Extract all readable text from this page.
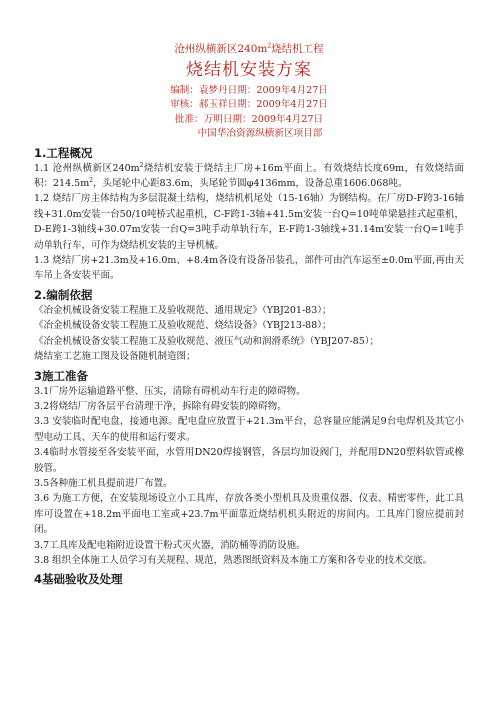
沧州纵横新区$240m^2$烧结机工程
烧结机安装方案
编制：袁梦丹日期：2009年4月27日
审核：郝玉祥日期：2009年4月27日
批准：万明日期：2009年4月27日
中国华冶资源纵横新区项目部
1.工程概况
1.1 沧州纵横新区$240m^2$烧结机安装于烧结主厂房+16m平面上。有效烧结长度69m，有效烧结面积：$214.5m^2$，头尾轮中心距83.6m，头尾轮节圆φ4136mm，设备总重1606.068吨。
1.2 烧结厂房主体结构为多层混凝土结构，烧结机机尾处（15-16轴）为钢结构。在厂房D-F跨3-16轴线+31.0m安装一台50/10吨桥式起重机，C-F跨1-3轴+41.5m安装一台Q=10吨单梁悬挂式起重机，D-E跨1-3轴线+30.07m安装一台Q=3吨手动单轨行车，E-F跨1-3轴线+31.14m安装一台Q=1吨手动单轨行车，可作为烧结机安装的主导机械。
1.3 烧结厂房+21.3m及+16.0m、+8.4m各设有设备吊装孔，部件可由汽车运至±0.0m平面,再由天车吊上各安装平面。
2.编制依据
《冶金机械设备安装工程施工及验收规范、通用规定》（YBJ201-83）；
《冶金机械设备安装工程施工及验收规范、烧结设备》（YBJ213-88）；
《冶金机械设备安装工程施工及验收规范、液压气动和润滑系统》（YBJ207-85）；
烧结室工艺施工图及设备随机制造图；
3施工准备
3.1厂房外运输道路平整、压实，清除有碍机动车行走的障碍物。
3.2将烧结厂房各层平台清理干净，拆除有碍安装的障碍物。
3.3 安装临时配电盘，接通电源。配电盘应放置于+21.3m平台，总容量应能满足9台电焊机及其它小型电动工具、天车的使用和运行要求。
3.4临时水管接至各安装平面，水管用DN20焊接钢管，各层均加设阀门，并配用DN20塑料软管或橡胶管。
3.5各种施工机具提前进厂布置。
3.6 为施工方便，在安装现场设立小工具库，存放各类小型机具及贵重仪器、仪表、精密零件，此工具库可设置在+18.2m平面电工室或+23.7m平面靠近烧结机机头附近的房间内。工具库门窗应提前封闭。
3.7工具库及配电箱附近设置干粉式灭火器，消防桶等消防设施。
3.8 组织全体施工人员学习有关规程、规范，熟悉图纸资料及本施工方案和各专业的技术交底。
4基础验收及处理
